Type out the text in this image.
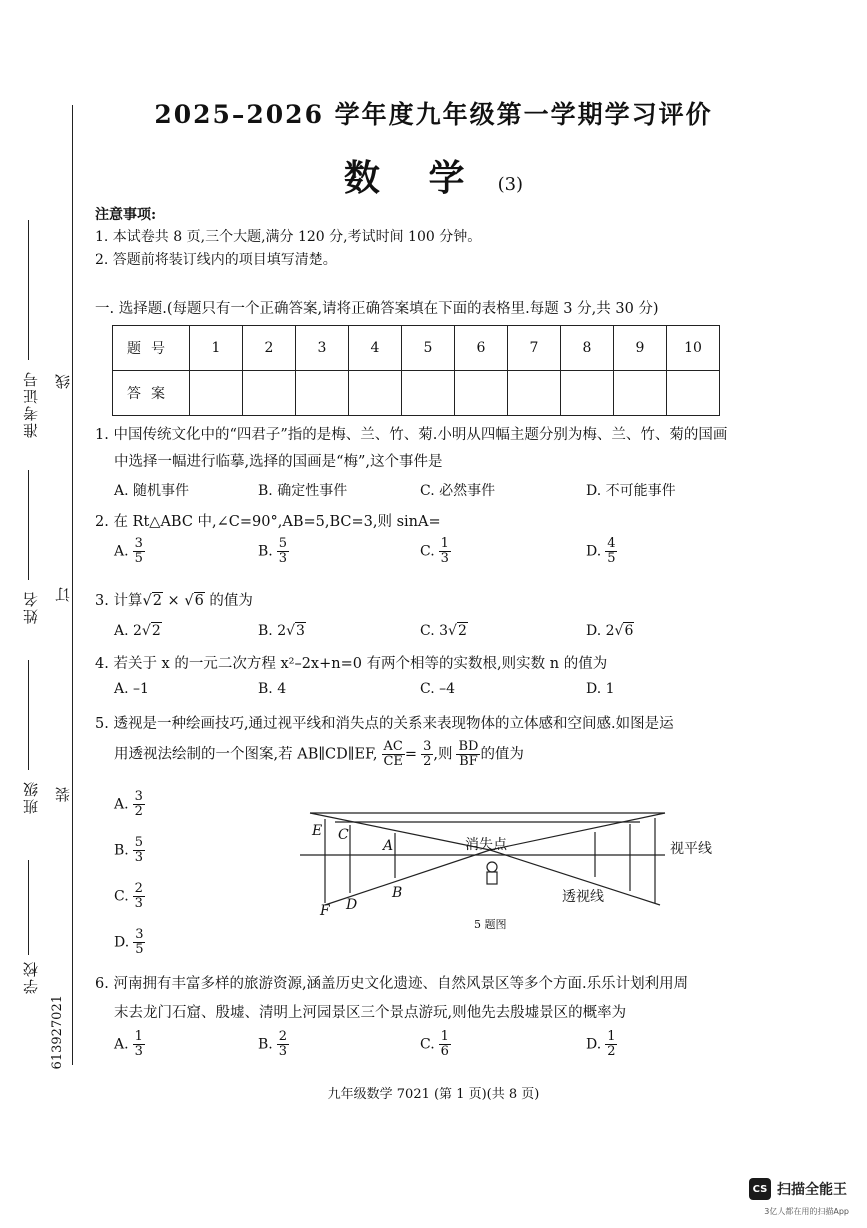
准考证号
姓名
班级
学校
线
订
装
613927021
2025–2026 学年度九年级第一学期学习评价
数 学 (3)
注意事项:
1. 本试卷共 8 页,三个大题,满分 120 分,考试时间 100 分钟。
2. 答题前将装订线内的项目填写清楚。
一. 选择题.(每题只有一个正确答案,请将正确答案填在下面的表格里.每题 3 分,共 30 分)
题号	1	2	3	4	5	6	7	8	9	10
答案										
1. 中国传统文化中的“四君子”指的是梅、兰、竹、菊.小明从四幅主题分别为梅、兰、竹、菊的国画
中选择一幅进行临摹,选择的国画是“梅”,这个事件是
A. 随机事件	B. 确定性事件	C. 必然事件	D. 不可能事件
2. 在 Rt△ABC 中,∠C=90°,AB=5,BC=3,则 sinA=
A. $\frac{3}{5}$	B. $\frac{5}{3}$	C. $\frac{1}{3}$	D. $\frac{4}{5}$
3. 计算√2 × √6 的值为
A. 2√2	B. 2√3	C. 3√2	D. 2√6
4. 若关于 x 的一元二次方程 x²–2x+n=0 有两个相等的实数根,则实数 n 的值为
A. –1	B. 4	C. –4	D. 1
5. 透视是一种绘画技巧,通过视平线和消失点的关系来表现物体的立体感和空间感.如图是运
用透视法绘制的一个图案,若 AB∥CD∥EF, $\frac{AC}{CE} = \frac{3}{2}$ ,则 $\frac{BD}{BF}$ 的值为
A. $\frac{3}{2}$
B. $\frac{5}{3}$
C. $\frac{2}{3}$
D. $\frac{3}{5}$
E C
A
B
D
F
消失点	视平线
透视线
5 题图
6. 河南拥有丰富多样的旅游资源,涵盖历史文化遗迹、自然风景区等多个方面.乐乐计划利用周
末去龙门石窟、殷墟、清明上河园景区三个景点游玩,则他先去殷墟景区的概率为
A. $\frac{1}{3}$	B. $\frac{2}{3}$	C. $\frac{1}{6}$	D. $\frac{1}{2}$
九年级数学 7021 (第 1 页)(共 8 页)
CS 扫描全能王
3亿人都在用的扫描App
